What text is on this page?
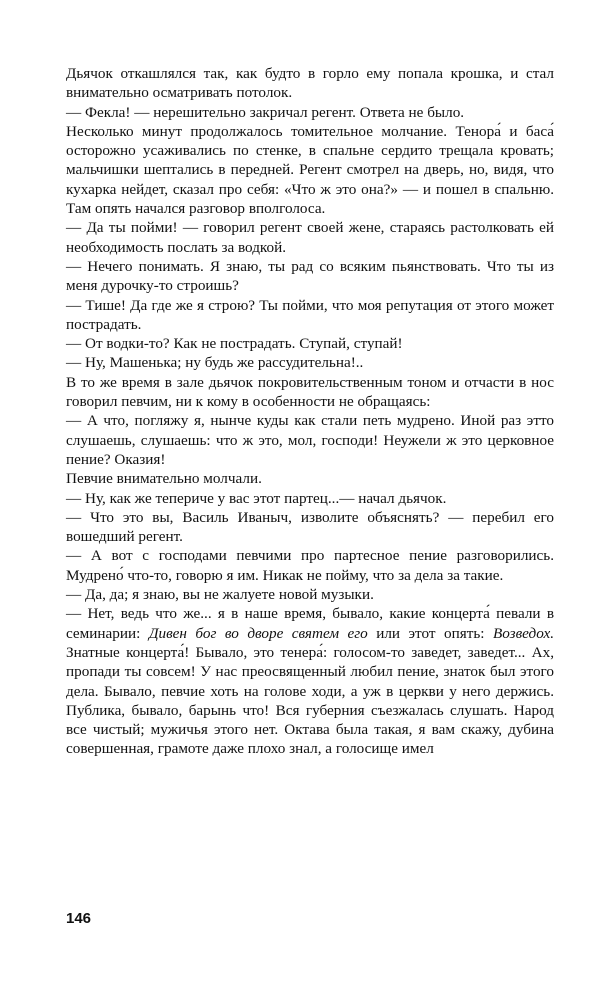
Дьячок откашлялся так, как будто в горло ему попала крошка, и стал внимательно осматривать потолок.

— Фекла! — нерешительно закричал регент. Ответа не было.

Несколько минут продолжалось томительное молчание. Тенора́ и баса́ осторожно усаживались по стенке, в спальне сердито трещала кровать; мальчишки шептались в передней. Регент смотрел на дверь, но, видя, что кухарка нейдет, сказал про себя: «Что ж это она?» — и пошел в спальню. Там опять начался разговор вполголоса.

— Да ты пойми! — говорил регент своей жене, стараясь растолковать ей необходимость послать за водкой.

— Нечего понимать. Я знаю, ты рад со всяким пьянствовать. Что ты из меня дурочку-то строишь?

— Тише! Да где же я строю? Ты пойми, что моя репутация от этого может пострадать.

— От водки-то? Как не пострадать. Ступай, ступай!

— Ну, Машенька; ну будь же рассудительна!..

В то же время в зале дьячок покровительственным тоном и отчасти в нос говорил певчим, ни к кому в особенности не обращаясь:

— А что, погляжу я, нынче куды как стали петь мудрено. Иной раз этто слушаешь, слушаешь: что ж это, мол, господи! Неужели ж это церковное пение? Оказия!

Певчие внимательно молчали.

— Ну, как же тепериче у вас этот партец...— начал дьячок.

— Что это вы, Василь Иваныч, изволите объяснять? — перебил его вошедший регент.

— А вот с господами певчими про партесное пение разговорились. Мудрено́ что-то, говорю я им. Никак не пойму, что за дела за такие.

— Да, да; я знаю, вы не жалуете новой музыки.

— Нет, ведь что же... я в наше время, бывало, какие концерта́ певали в семинарии: Дивен бог во дворе святем его или этот опять: Возведох. Знатные концерта́! Бывало, это тенера́: голосом-то заведет, заведет... Ах, пропади ты совсем! У нас преосвященный любил пение, знаток был этого дела. Бывало, певчие хоть на голове ходи, а уж в церкви у него держись. Публика, бывало, барынь что! Вся губерния съезжалась слушать. Народ все чистый; мужичья этого нет. Октава была такая, я вам скажу, дубина совершенная, грамоте даже плохо знал, а голосище имел

146
